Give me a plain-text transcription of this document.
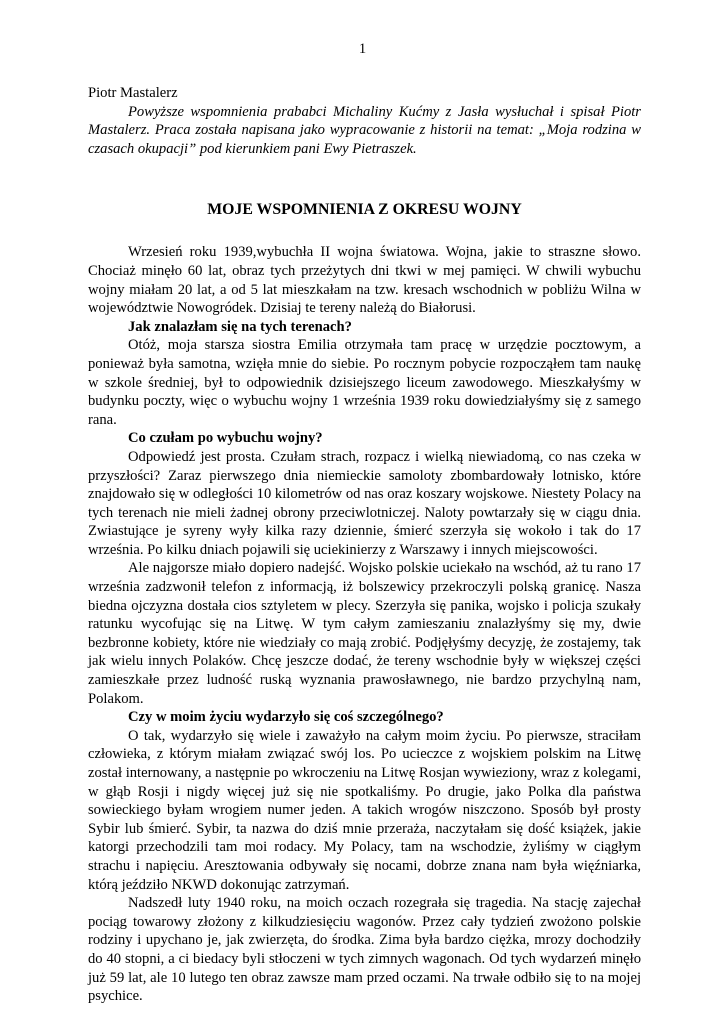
1

Piotr Mastalerz

Powyższe wspomnienia prababci Michaliny Kućmy z Jasła wysłuchał i spisał Piotr Mastalerz. Praca została napisana jako wypracowanie z historii na temat: „Moja rodzina w czasach okupacji” pod kierunkiem pani Ewy Pietraszek.

MOJE WSPOMNIENIA Z OKRESU WOJNY

Wrzesień roku 1939,wybuchła II wojna światowa. Wojna, jakie to straszne słowo. Chociaż minęło 60 lat, obraz tych przeżytych dni tkwi w mej pamięci. W chwili wybuchu wojny miałam 20 lat, a od 5 lat mieszkałam na tzw. kresach wschodnich w pobliżu Wilna w województwie Nowogródek. Dzisiaj te tereny należą do Białorusi.

Jak znalazłam się na tych terenach?

Otóż, moja starsza siostra Emilia otrzymała tam pracę w urzędzie pocztowym, a ponieważ była samotna, wzięła mnie do siebie. Po rocznym pobycie rozpocząłem tam naukę w szkole średniej, był to odpowiednik dzisiejszego liceum zawodowego. Mieszkałyśmy w budynku poczty, więc o wybuchu wojny 1 września 1939 roku dowiedziałyśmy się z samego rana.

Co czułam po wybuchu wojny?

Odpowiedź jest prosta. Czułam strach, rozpacz i wielką niewiadomą, co nas czeka w przyszłości? Zaraz pierwszego dnia niemieckie samoloty zbombardowały lotnisko, które znajdowało się w odległości 10 kilometrów od nas oraz koszary wojskowe. Niestety Polacy na tych terenach nie mieli żadnej obrony przeciwlotniczej. Naloty powtarzały się w ciągu dnia. Zwiastujące je syreny wyły kilka razy dziennie, śmierć szerzyła się wokoło i tak do 17 września. Po kilku dniach pojawili się uciekinierzy z Warszawy i innych miejscowości.

Ale najgorsze miało dopiero nadejść. Wojsko polskie uciekało na wschód, aż tu rano 17 września zadzwonił telefon z informacją, iż bolszewicy przekroczyli polską granicę. Nasza biedna ojczyzna dostała cios sztyletem w plecy. Szerzyła się panika, wojsko i policja szukały ratunku wycofując się na Litwę. W tym całym zamieszaniu znalazłyśmy się my, dwie bezbronne kobiety, które nie wiedziały co mają zrobić. Podjęłyśmy decyzję, że zostajemy, tak jak wielu innych Polaków. Chcę jeszcze dodać, że tereny wschodnie były w większej części zamieszkałe przez ludność ruską wyznania prawosławnego, nie bardzo przychylną nam, Polakom.

Czy w moim życiu wydarzyło się coś szczególnego?

O tak, wydarzyło się wiele i zaważyło na całym moim życiu. Po pierwsze, straciłam człowieka, z którym miałam związać swój los. Po ucieczce z wojskiem polskim na Litwę został internowany, a następnie po wkroczeniu na Litwę Rosjan wywieziony, wraz z kolegami, w głąb Rosji i nigdy więcej już się nie spotkaliśmy. Po drugie, jako Polka dla państwa sowieckiego byłam wrogiem numer jeden. A takich wrogów niszczono. Sposób był prosty Sybir lub śmierć. Sybir, ta nazwa do dziś mnie przeraża, naczytałam się dość książek, jakie katorgi przechodzili tam moi rodacy. My Polacy, tam na wschodzie, żyliśmy w ciągłym strachu i napięciu. Aresztowania odbywały się nocami, dobrze znana nam była więźniarka, którą jeździło NKWD dokonując zatrzymań.

Nadszedł luty 1940 roku, na moich oczach rozegrała się tragedia. Na stację zajechał pociąg towarowy złożony z kilkudziesięciu wagonów. Przez cały tydzień zwożono polskie rodziny i upychano je, jak zwierzęta, do środka. Zima była bardzo ciężka, mrozy dochodziły do 40 stopni, a ci biedacy byli stłoczeni w tych zimnych wagonach. Od tych wydarzeń minęło już 59 lat, ale 10 lutego ten obraz zawsze mam przed oczami. Na trwałe odbiło się to na mojej psychice.
